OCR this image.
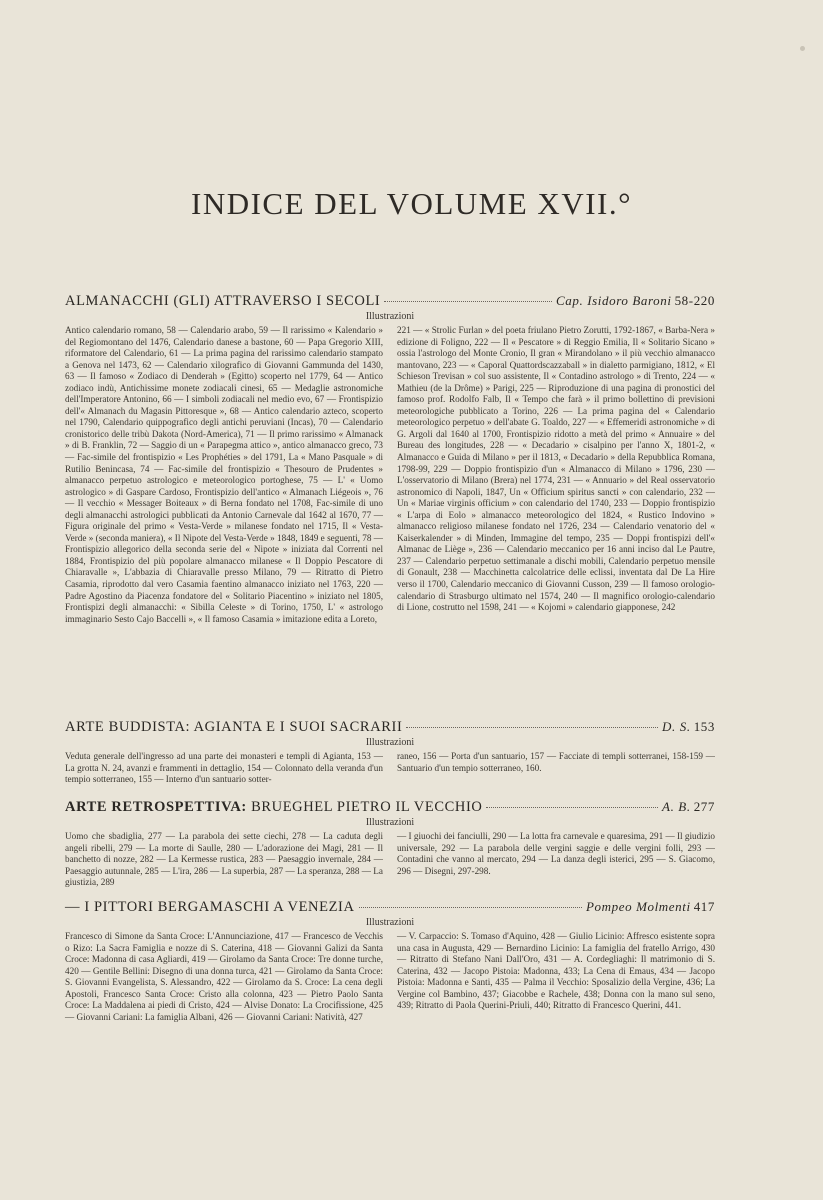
INDICE DEL VOLUME XVII.°
ALMANACCHI (GLI) ATTRAVERSO I SECOLI	Cap. Isidoro Baroni 58-220
Illustrazioni
Antico calendario romano, 58 — Calendario arabo, 59 — Il rarissimo « Kalendario » del Regiomontano del 1476, Calendario danese a bastone, 60 — Papa Gregorio XIII, riformatore del Calendario, 61 — La prima pagina del rarissimo calendario stampato a Genova nel 1473, 62 — Calendario xilografico di Giovanni Gammunda del 1430, 63 — Il famoso « Zodiaco di Denderah » (Egitto) scoperto nel 1779, 64 — Antico zodiaco indù, Antichissime monete zodiacali cinesi, 65 — Medaglie astronomiche dell'Imperatore Antonino, 66 — I simboli zodiacali nel medio evo, 67 — Frontispizio dell'« Almanach du Magasin Pittoresque », 68 — Antico calendario azteco, scoperto nel 1790, Calendario quippografico degli antichi peruviani (Incas), 70 — Calendario cronistorico delle tribù Dakota (Nord-America), 71 — Il primo rarissimo « Almanack » di B. Franklin, 72 — Saggio di un « Parapegma attico », antico almanacco greco, 73 — Fac-simile del frontispizio « Les Prophéties » del 1791, La « Mano Pasquale » di Rutilio Benincasa, 74 — Fac-simile del frontispizio « Thesouro de Prudentes » almanacco perpetuo astrologico e meteorologico portoghese, 75 — L' « Uomo astrologico » di Gaspare Cardoso, Frontispizio dell'antico « Almanach Liégeois », 76 — Il vecchio « Messager Boiteaux » di Berna fondato nel 1708, Fac-simile di uno degli almanacchi astrologici pubblicati da Antonio Carnevale dal 1642 al 1670, 77 — Figura originale del primo « Vesta-Verde » milanese fondato nel 1715, Il « Vesta-Verde » (seconda maniera), « Il Nipote del Vesta-Verde » 1848, 1849 e seguenti, 78 — Frontispizio allegorico della seconda serie del « Nipote » iniziata dal Correnti nel 1884, Frontispizio del più popolare almanacco milanese « Il Doppio Pescatore di Chiaravalle », L'abbazia di Chiaravalle presso Milano, 79 — Ritratto di Pietro Casamia, riprodotto dal vero Casamia faentino almanacco iniziato nel 1763, 220 — Padre Agostino da Piacenza fondatore del « Solitario Piacentino » iniziato nel 1805, Frontispizi degli almanacchi: « Sibilla Celeste » di Torino, 1750, L' « astrologo immaginario Sesto Cajo Baccelli », « Il famoso Casamia » imitazione edita a Loreto,
221 — « Strolic Furlan » del poeta friulano Pietro Zorutti, 1792-1867, « Barba-Nera » edizione di Foligno, 222 — Il « Pescatore » di Reggio Emilia, Il « Solitario Sicano » ossia l'astrologo del Monte Cronio, Il gran « Mirandolano » il più vecchio almanacco mantovano, 223 — « Caporal Quattordscazzaball » in dialetto parmigiano, 1812, « El Schieson Trevisan » col suo assistente, Il « Contadino astrologo » di Trento, 224 — « Mathieu (de la Drôme) » Parigi, 225 — Riproduzione di una pagina di pronostici del famoso prof. Rodolfo Falb, Il « Tempo che farà » il primo bollettino di previsioni meteorologiche pubblicato a Torino, 226 — La prima pagina del « Calendario meteorologico perpetuo » dell'abate G. Toaldo, 227 — « Effemeridi astronomiche » di G. Argoli dal 1640 al 1700, Frontispizio ridotto a metà del primo « Annuaire » del Bureau des longitudes, 228 — « Decadario » cisalpino per l'anno X, 1801-2, « Almanacco e Guida di Milano » per il 1813, « Decadario » della Repubblica Romana, 1798-99, 229 — Doppio frontispizio d'un « Almanacco di Milano » 1796, 230 — L'osservatorio di Milano (Brera) nel 1774, 231 — « Annuario » del Real osservatorio astronomico di Napoli, 1847, Un « Officium spiritus sancti » con calendario, 232 — Un « Mariae virginis officium » con calendario del 1740, 233 — Doppio frontispizio « L'arpa di Eolo » almanacco meteorologico del 1824, « Rustico Indovino » almanacco religioso milanese fondato nel 1726, 234 — Calendario venatorio del « Kaiserkalender » di Minden, Immagine del tempo, 235 — Doppi frontispizi dell'« Almanac de Liège », 236 — Calendario meccanico per 16 anni inciso dal Le Pautre, 237 — Calendario perpetuo settimanale a dischi mobili, Calendario perpetuo mensile di Gonault, 238 — Macchinetta calcolatrice delle eclissi, inventata dal De La Hire verso il 1700, Calendario meccanico di Giovanni Cusson, 239 — Il famoso orologio-calendario di Strasburgo ultimato nel 1574, 240 — Il magnifico orologio-calendario di Lione, costrutto nel 1598, 241 — « Kojomi » calendario giapponese, 242
ARTE BUDDISTA: AGIANTA E I SUOI SACRARII	D. S. 153
Illustrazioni
Veduta generale dell'ingresso ad una parte dei monasteri e templi di Agianta, 153 — La grotta N. 24, avanzi e frammenti in dettaglio, 154 — Colonnato della veranda d'un tempio sotterraneo, 155 — Interno d'un santuario sotter-
raneo, 156 — Porta d'un santuario, 157 — Facciate di templi sotterranei, 158-159 — Santuario d'un tempio sotterraneo, 160.
ARTE RETROSPETTIVA: BRUEGHEL PIETRO IL VECCHIO	A. B. 277
Illustrazioni
Uomo che sbadiglia, 277 — La parabola dei sette ciechi, 278 — La caduta degli angeli ribelli, 279 — La morte di Saulle, 280 — L'adorazione dei Magi, 281 — Il banchetto di nozze, 282 — La Kermesse rustica, 283 — Paesaggio invernale, 284 — Paesaggio autunnale, 285 — L'ira, 286 — La superbia, 287 — La speranza, 288 — La giustizia, 289
— I giuochi dei fanciulli, 290 — La lotta fra carnevale e quaresima, 291 — Il giudizio universale, 292 — La parabola delle vergini saggie e delle vergini folli, 293 — Contadini che vanno al mercato, 294 — La danza degli isterici, 295 — S. Giacomo, 296 — Disegni, 297-298.
— I PITTORI BERGAMASCHI A VENEZIA	Pompeo Molmenti 417
Illustrazioni
Francesco di Simone da Santa Croce: L'Annunciazione, 417 — Francesco de Vecchis o Rizo: La Sacra Famiglia e nozze di S. Caterina, 418 — Giovanni Galizi da Santa Croce: Madonna di casa Agliardi, 419 — Girolamo da Santa Croce: Tre donne turche, 420 — Gentile Bellini: Disegno di una donna turca, 421 — Girolamo da Santa Croce: S. Giovanni Evangelista, S. Alessandro, 422 — Girolamo da S. Croce: La cena degli Apostoli, Francesco Santa Croce: Cristo alla colonna, 423 — Pietro Paolo Santa Croce: La Maddalena ai piedi di Cristo, 424 — Alvise Donato: La Crocifissione, 425 — Giovanni Cariani: La famiglia Albani, 426 — Giovanni Cariani: Natività, 427
— V. Carpaccio: S. Tomaso d'Aquino, 428 — Giulio Licinio: Affresco esistente sopra una casa in Augusta, 429 — Bernardino Licinio: La famiglia del fratello Arrigo, 430 — Ritratto di Stefano Nani Dall'Oro, 431 — A. Cordegliaghi: Il matrimonio di S. Caterina, 432 — Jacopo Pistoia: Madonna, 433; La Cena di Emaus, 434 — Jacopo Pistoia: Madonna e Santi, 435 — Palma il Vecchio: Sposalizio della Vergine, 436; La Vergine col Bambino, 437; Giacobbe e Rachele, 438; Donna con la mano sul seno, 439; Ritratto di Paola Querini-Priuli, 440; Ritratto di Francesco Querini, 441.
